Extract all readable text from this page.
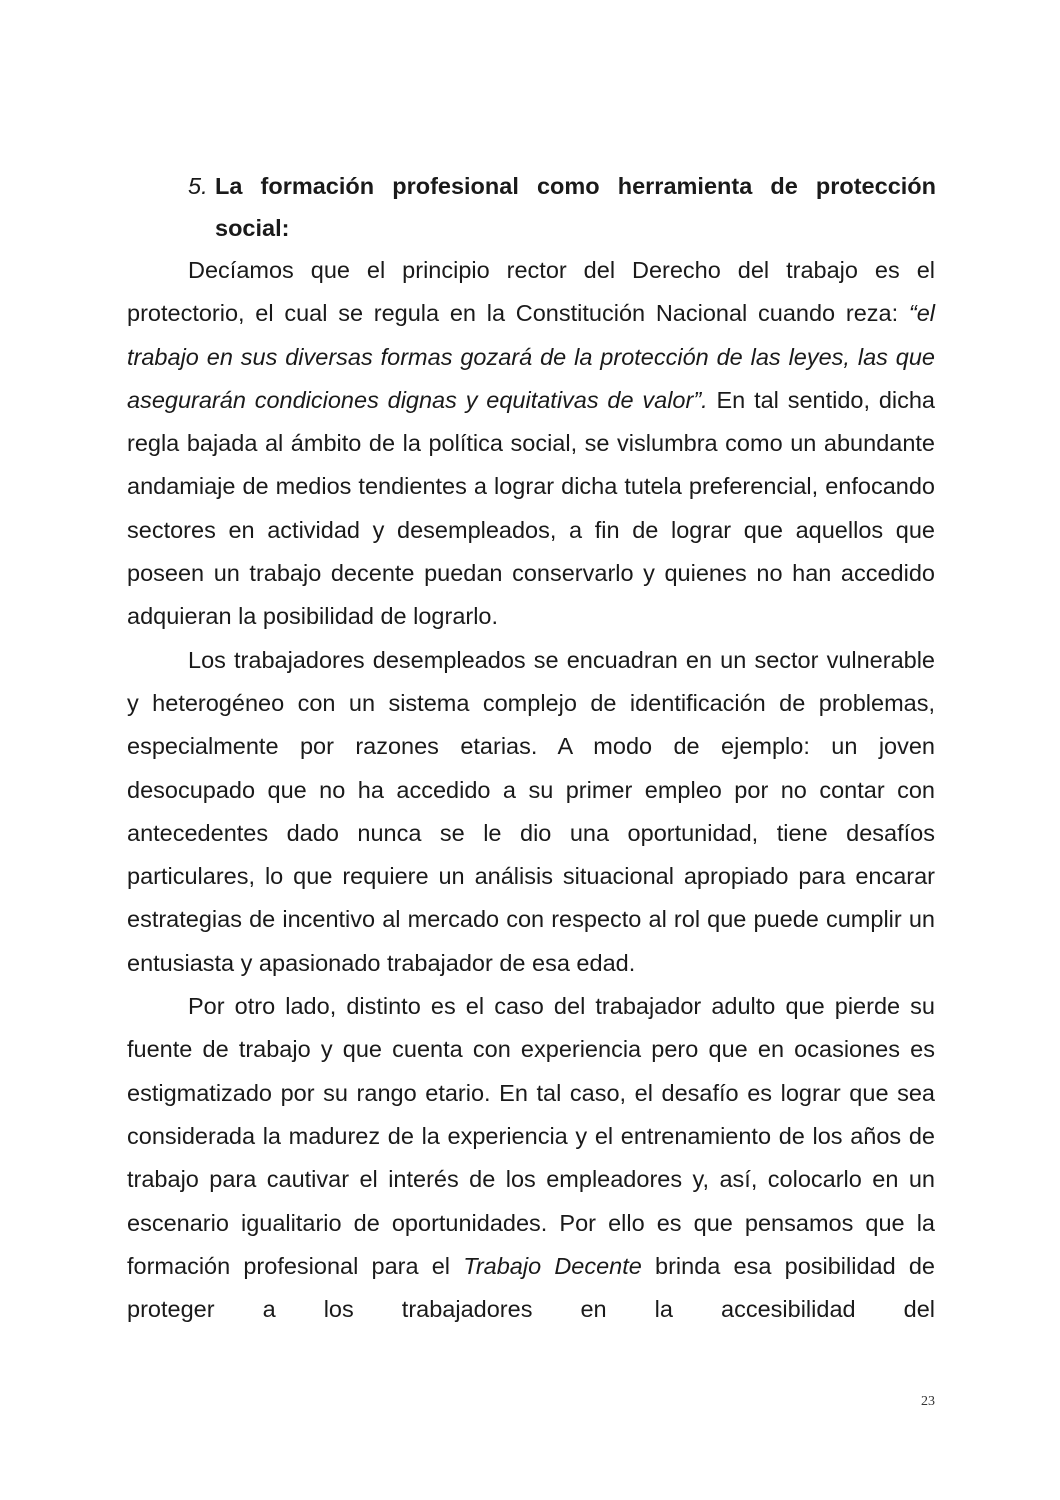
5. La formación profesional como herramienta de protección social:

Decíamos que el principio rector del Derecho del trabajo es el protectorio, el cual se regula en la Constitución Nacional cuando reza: “el trabajo en sus diversas formas gozará de la protección de las leyes, las que asegurarán condiciones dignas y equitativas de valor”. En tal sentido, dicha regla bajada al ámbito de la política social, se vislumbra como un abundante andamiaje de medios tendientes a lograr dicha tutela preferencial, enfocando sectores en actividad y desempleados, a fin de lograr que aquellos que poseen un trabajo decente puedan conservarlo y quienes no han accedido adquieran la posibilidad de lograrlo.

Los trabajadores desempleados se encuadran en un sector vulnerable y heterogéneo con un sistema complejo de identificación de problemas, especialmente por razones etarias. A modo de ejemplo: un joven desocupado que no ha accedido a su primer empleo por no contar con antecedentes dado nunca se le dio una oportunidad, tiene desafíos particulares, lo que requiere un análisis situacional apropiado para encarar estrategias de incentivo al mercado con respecto al rol que puede cumplir un entusiasta y apasionado trabajador de esa edad.

Por otro lado, distinto es el caso del trabajador adulto que pierde su fuente de trabajo y que cuenta con experiencia pero que en ocasiones es estigmatizado por su rango etario. En tal caso, el desafío es lograr que sea considerada la madurez de la experiencia y el entrenamiento de los años de trabajo para cautivar el interés de los empleadores y, así, colocarlo en un escenario igualitario de oportunidades. Por ello es que pensamos que la formación profesional para el Trabajo Decente brinda esa posibilidad de proteger a los trabajadores en la accesibilidad del

23
